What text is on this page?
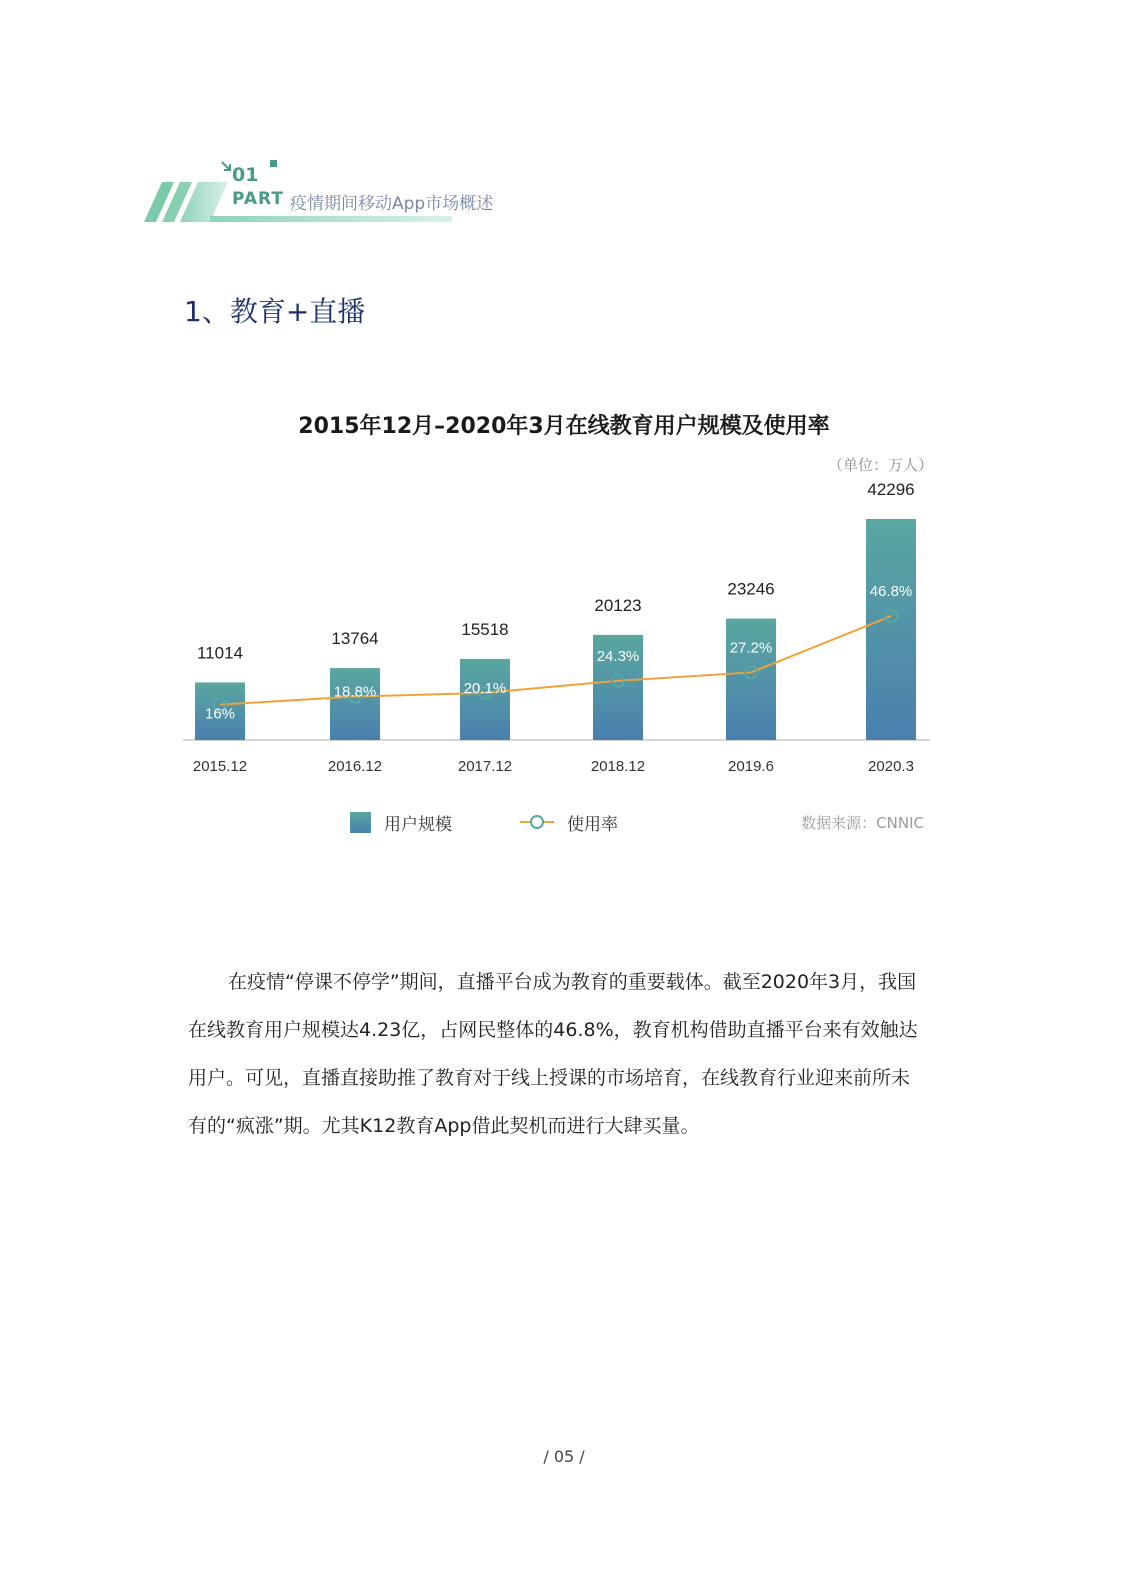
01
PART 疫情期间移动App市场概述
1、教育+直播
2015年12月–2020年3月在线教育用户规模及使用率
（单位：万人）
11014
2015.12
13764
2016.12
15518
2017.12
20123
2018.12
23246
2019.6
42296
2020.3
16%
18.8%	20.1%
24.3%	27.2%
46.8%
用户规模	使用率	数据来源：CNNIC

在疫情“停课不停学”期间，直播平台成为教育的重要载体。截至2020年3月，我国在线教育用户规模达4.23亿，占网民整体的46.8%，教育机构借助直播平台来有效触达用户。可见，直播直接助推了教育对于线上授课的市场培育，在线教育行业迎来前所未有的“疯涨”期。尤其K12教育App借此契机而进行大肆买量。

/ 05 /
